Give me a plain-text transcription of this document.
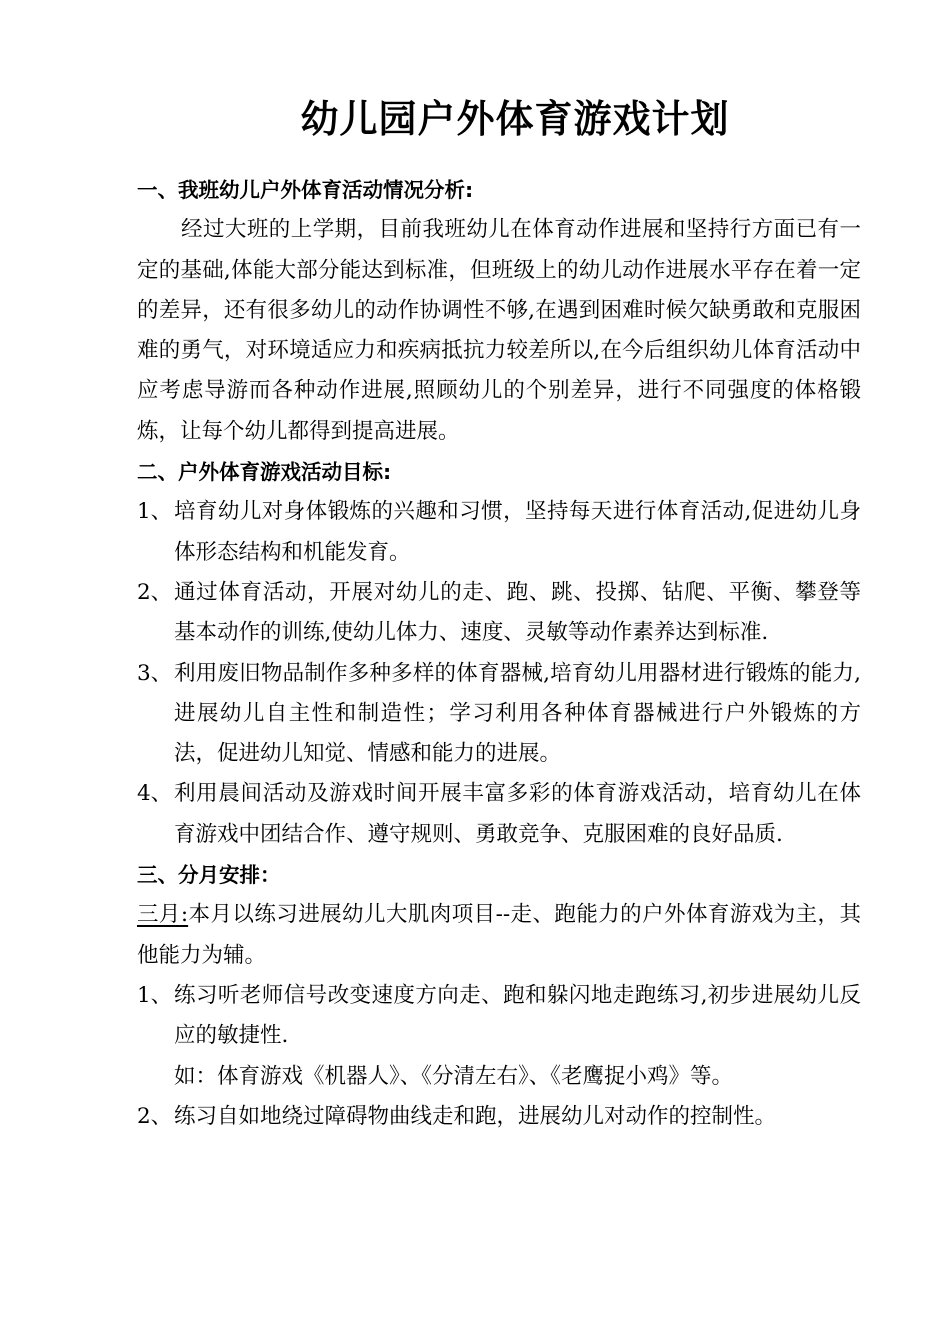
幼儿园户外体育游戏计划
一、我班幼儿户外体育活动情况分析:
经过大班的上学期，目前我班幼儿在体育动作进展和坚持行方面已有一定的基础,体能大部分能达到标准，但班级上的幼儿动作进展水平存在着一定的差异，还有很多幼儿的动作协调性不够,在遇到困难时候欠缺勇敢和克服困难的勇气，对环境适应力和疾病抵抗力较差所以,在今后组织幼儿体育活动中应考虑导游而各种动作进展,照顾幼儿的个别差异，进行不同强度的体格锻炼，让每个幼儿都得到提高进展。
二、户外体育游戏活动目标:
1、 培育幼儿对身体锻炼的兴趣和习惯，坚持每天进行体育活动,促进幼儿身体形态结构和机能发育。
2、 通过体育活动，开展对幼儿的走、跑、跳、投掷、钻爬、平衡、攀登等基本动作的训练,使幼儿体力、速度、灵敏等动作素养达到标准.
3、 利用废旧物品制作多种多样的体育器械,培育幼儿用器材进行锻炼的能力,进展幼儿自主性和制造性；学习利用各种体育器械进行户外锻炼的方法，促进幼儿知觉、情感和能力的进展。
4、 利用晨间活动及游戏时间开展丰富多彩的体育游戏活动，培育幼儿在体育游戏中团结合作、遵守规则、勇敢竞争、克服困难的良好品质.
三、分月安排：
三月:本月以练习进展幼儿大肌肉项目--走、跑能力的户外体育游戏为主，其他能力为辅。
1、 练习听老师信号改变速度方向走、跑和躲闪地走跑练习,初步进展幼儿反应的敏捷性.
如：体育游戏《机器人》、《分清左右》、《老鹰捉小鸡》等。
2、 练习自如地绕过障碍物曲线走和跑，进展幼儿对动作的控制性。
